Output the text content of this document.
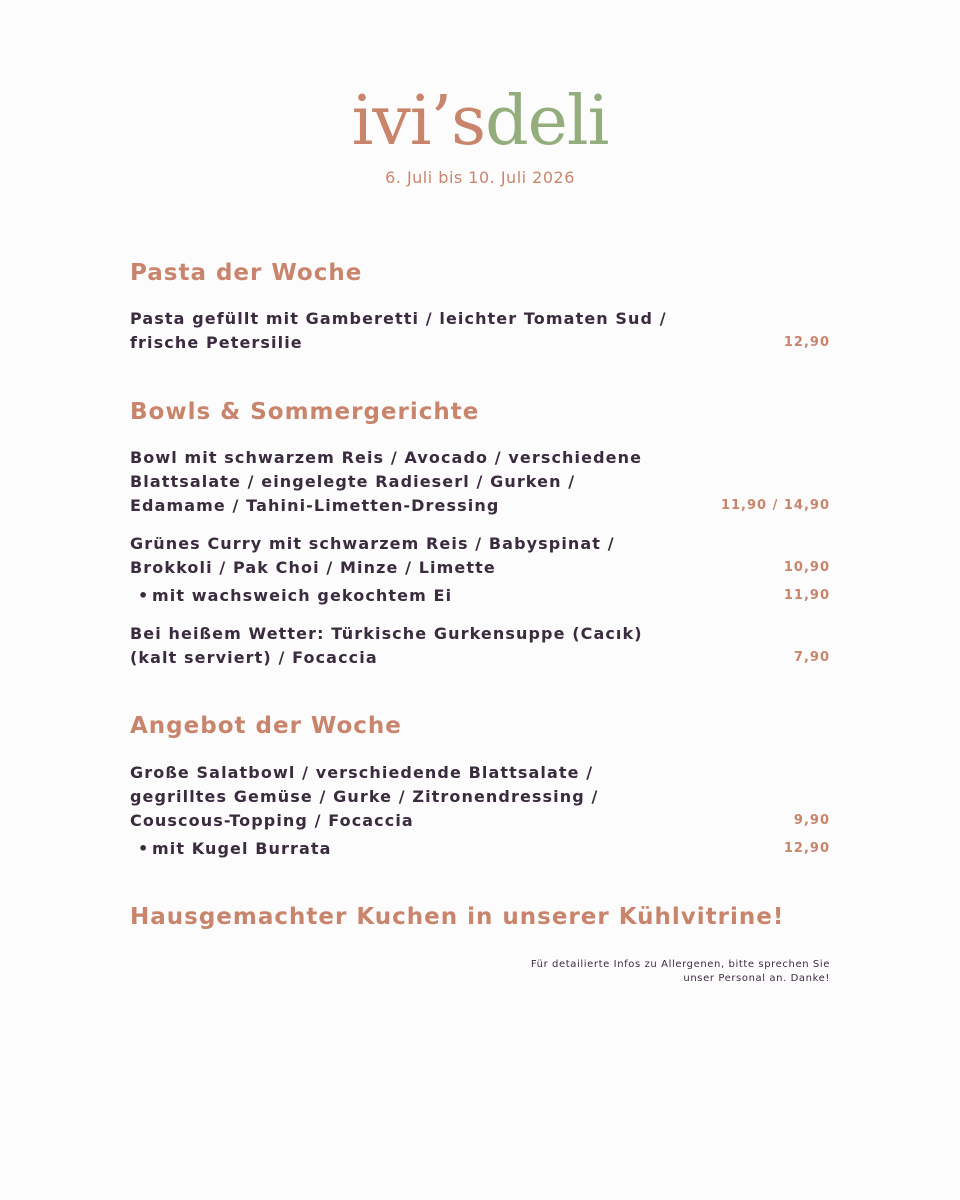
ivi’sdeli
6. Juli bis 10. Juli 2026
Pasta der Woche
Pasta gefüllt mit Gamberetti / leichter Tomaten Sud / frische Petersilie	12,90
Bowls & Sommergerichte
Bowl mit schwarzem Reis / Avocado / verschiedene Blattsalate / eingelegte Radieserl / Gurken / Edamame / Tahini-Limetten-Dressing	11,90 / 14,90
Grünes Curry mit schwarzem Reis / Babyspinat / Brokkoli / Pak Choi / Minze / Limette	10,90
• mit wachsweich gekochtem Ei	11,90
Bei heißem Wetter: Türkische Gurkensuppe (Cacık) (kalt serviert) / Focaccia	7,90
Angebot der Woche
Große Salatbowl / verschiedende Blattsalate / gegrilltes Gemüse / Gurke / Zitronendressing / Couscous-Topping / Focaccia	9,90
• mit Kugel Burrata	12,90
Hausgemachter Kuchen in unserer Kühlvitrine!
Für detailierte Infos zu Allergenen, bitte sprechen Sie unser Personal an. Danke!
